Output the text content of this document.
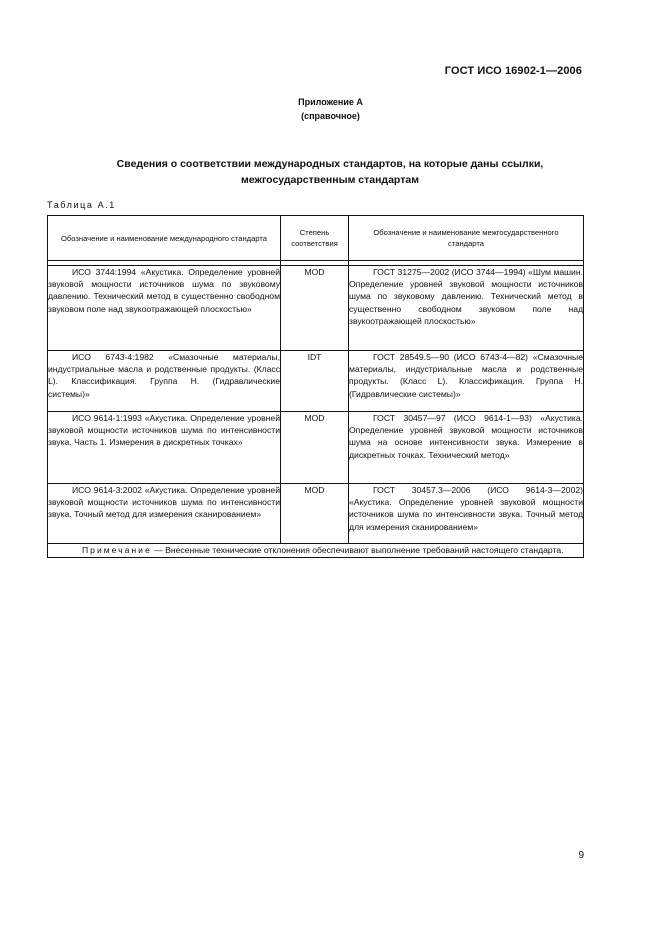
ГОСТ ИСО 16902-1—2006
Приложение А
(справочное)
Сведения о соответствии международных стандартов, на которые даны ссылки,
межгосударственным стандартам
Таблица А.1
Обозначение и наименование международного стандарта	Степень соответствия	Обозначение и наименование межгосударственного стандарта

ИСО 3744:1994 «Акустика. Определение уровней звуковой мощности источников шума по звуковому давлению. Технический метод в существенно свободном звуковом поле над звукоотражающей плоскостью»	MOD	ГОСТ 31275—2002 (ИСО 3744—1994) «Шум машин. Определение уровней звуковой мощности источников шума по звуковому давлению. Технический метод в существенно свободном звуковом поле над звукоотражающей плоскостью»
ИСО 6743-4:1982 «Смазочные материалы, индустриальные масла и родственные продукты. (Класс L). Классификация. Группа Н. (Гидравлические системы)»	IDT	ГОСТ 28549.5—90 (ИСО 6743-4—82) «Смазочные материалы, индустриальные масла и родственные продукты. (Класс L). Классификация. Группа Н. (Гидравлические системы)»
ИСО 9614-1:1993 «Акустика. Определение уровней звуковой мощности источников шума по интенсивности звука. Часть 1. Измерения в дискретных точках»	MOD	ГОСТ 30457—97 (ИСО 9614-1—93) «Акустика. Определение уровней звуковой мощности источников шума на основе интенсивности звука. Измерение в дискретных точках. Технический метод»
ИСО 9614-3:2002 «Акустика. Определение уровней звуковой мощности источников шума по интенсивности звука. Точный метод для измерения сканированием»	MOD	ГОСТ 30457.3—2006 (ИСО 9614-3—2002) «Акустика. Определение уровней звуковой мощности источников шума по интенсивности звука. Точный метод для измерения сканированием»
Примечание — Внесенные технические отклонения обеспечивают выполнение требований настоящего стандарта.		
9
